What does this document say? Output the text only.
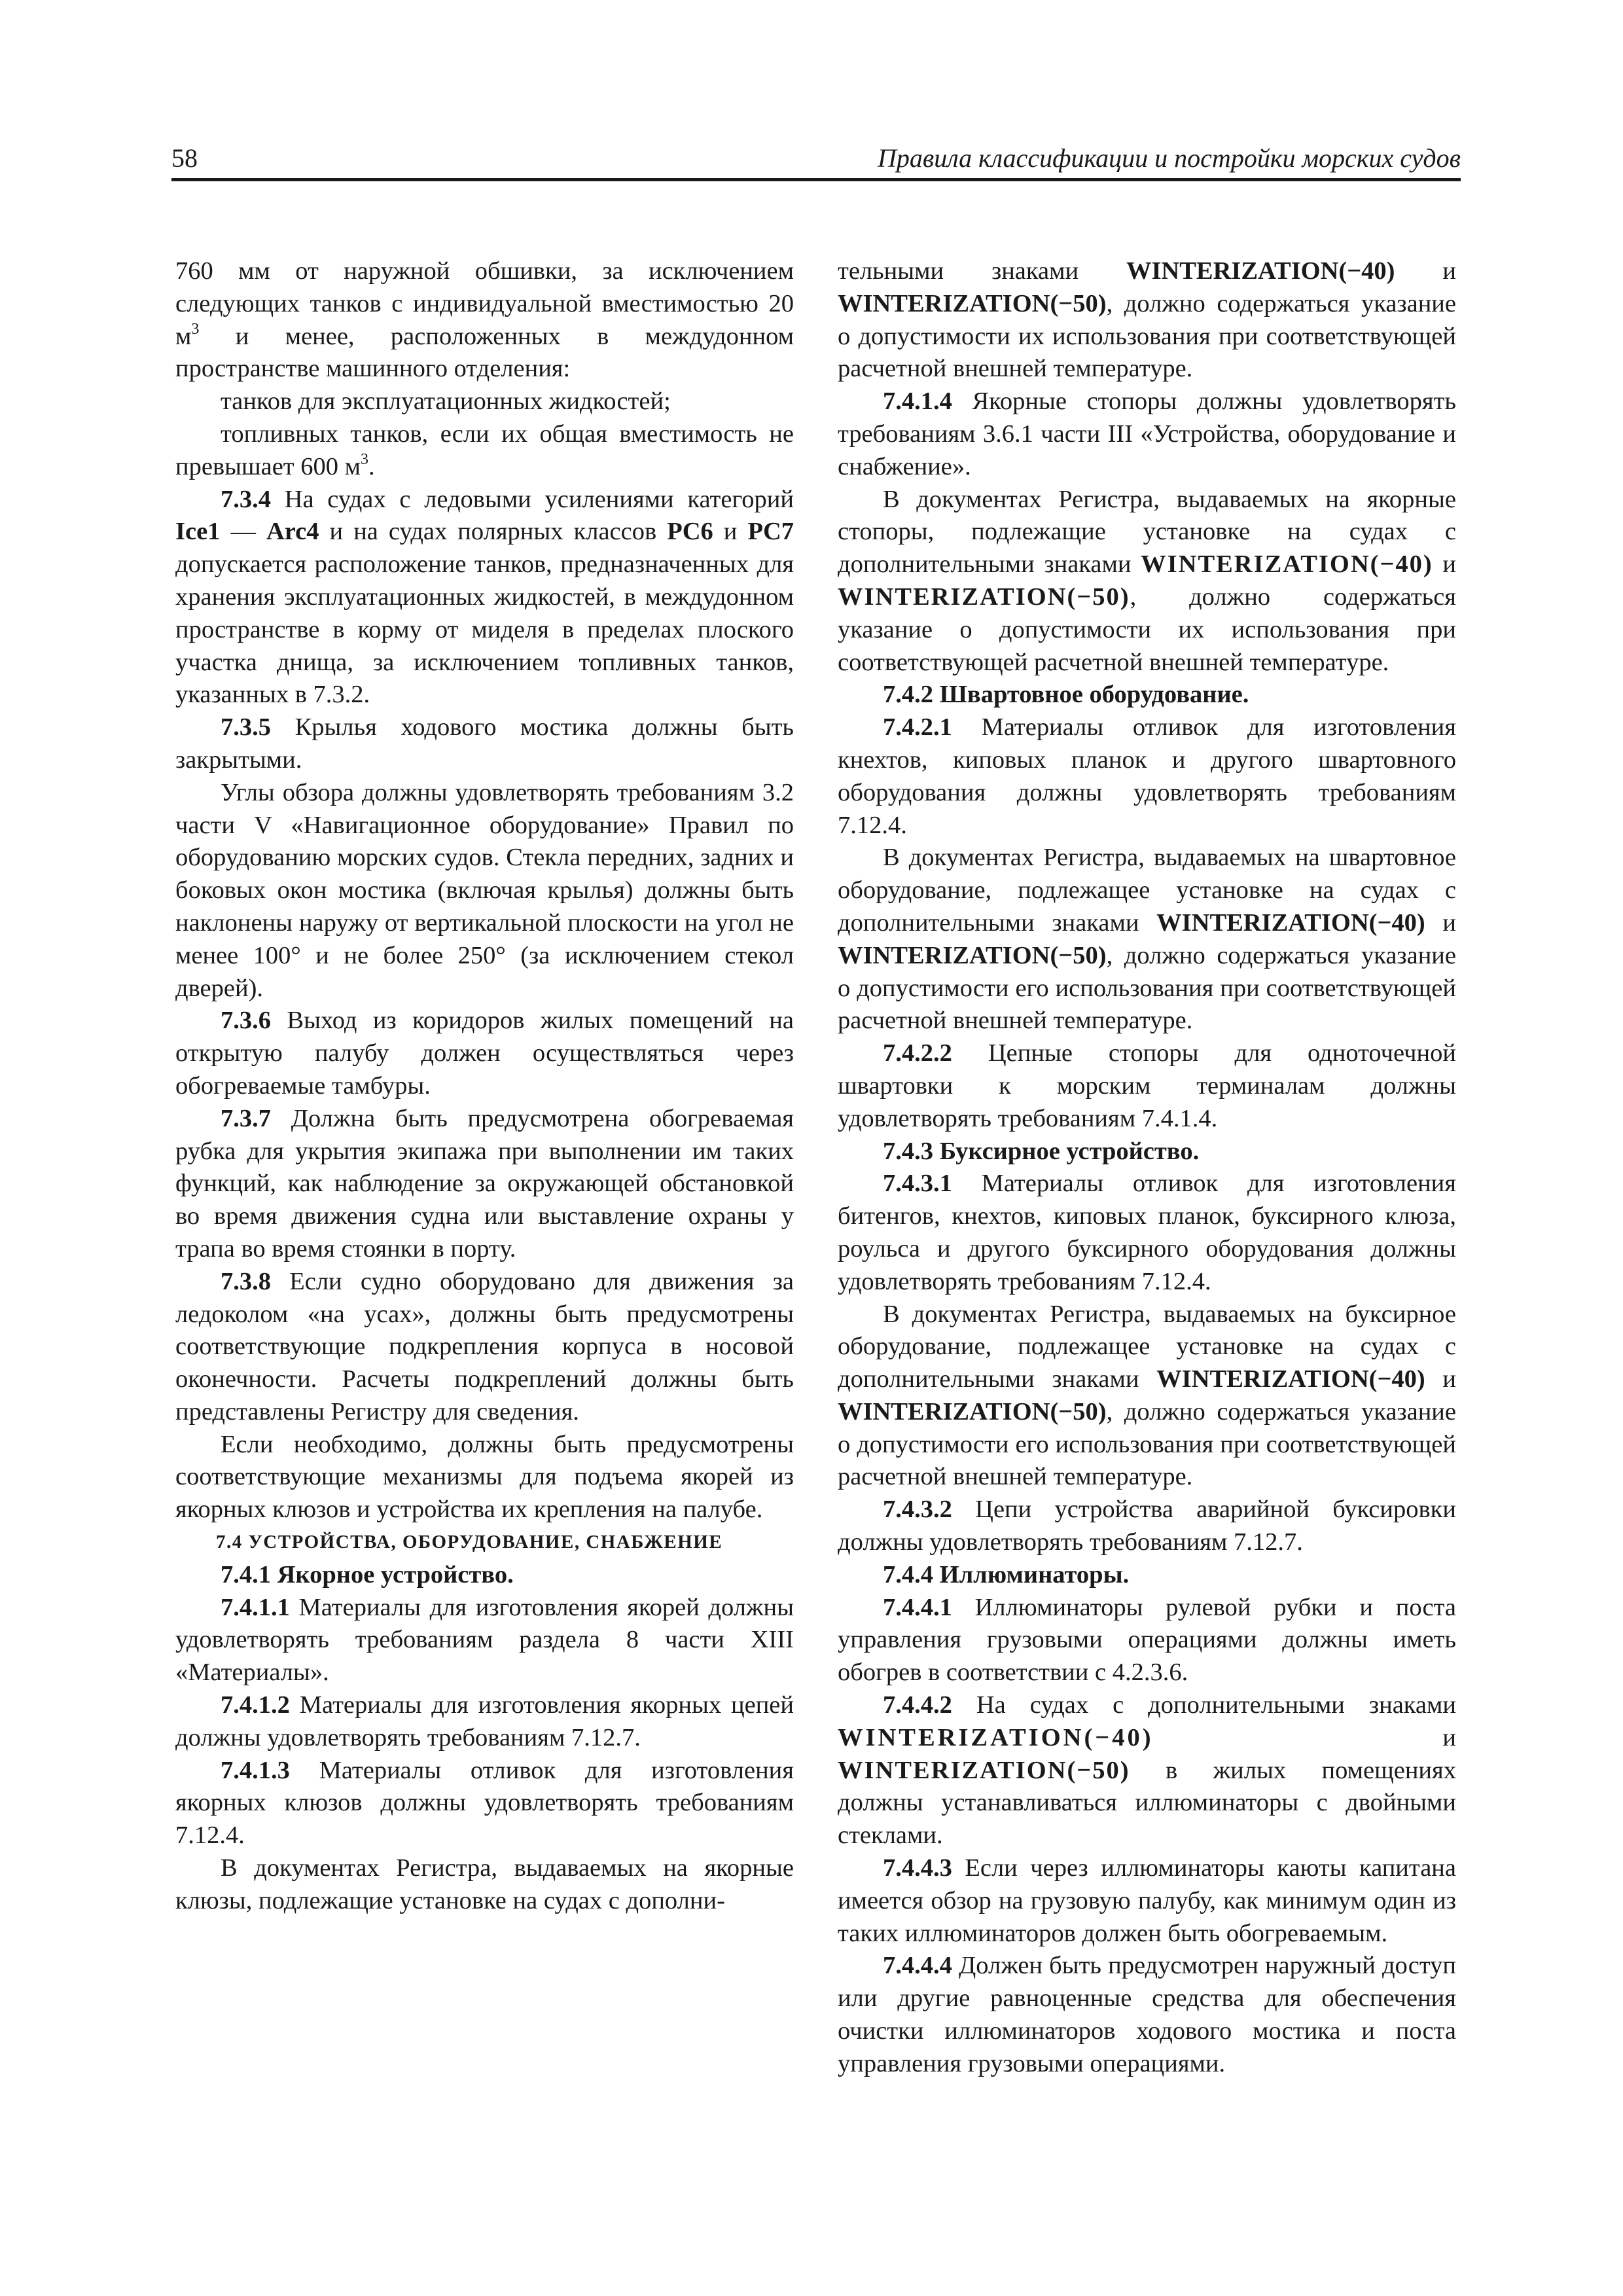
58	Правила классификации и постройки морских судов

760 мм от наружной обшивки, за исключением следующих танков с индивидуальной вместимостью 20 $м^3$ и менее, расположенных в междудонном пространстве машинного отделения:

танков для эксплуатационных жидкостей;

топливных танков, если их общая вместимость не превышает 600 $м^3$.

7.3.4 На судах с ледовыми усилениями категорий Ice1 — Arc4 и на судах полярных классов PC6 и PC7 допускается расположение танков, предназначенных для хранения эксплуатационных жидкостей, в междудонном пространстве в корму от миделя в пределах плоского участка днища, за исключением топливных танков, указанных в 7.3.2.

7.3.5 Крылья ходового мостика должны быть закрытыми.

Углы обзора должны удовлетворять требованиям 3.2 части V «Навигационное оборудование» Правил по оборудованию морских судов. Стекла передних, задних и боковых окон мостика (включая крылья) должны быть наклонены наружу от вертикальной плоскости на угол не менее 100° и не более 250° (за исключением стекол дверей).

7.3.6 Выход из коридоров жилых помещений на открытую палубу должен осуществляться через обогреваемые тамбуры.

7.3.7 Должна быть предусмотрена обогреваемая рубка для укрытия экипажа при выполнении им таких функций, как наблюдение за окружающей обстановкой во время движения судна или выставление охраны у трапа во время стоянки в порту.

7.3.8 Если судно оборудовано для движения за ледоколом «на усах», должны быть предусмотрены соответствующие подкрепления корпуса в носовой оконечности. Расчеты подкреплений должны быть представлены Регистру для сведения.

Если необходимо, должны быть предусмотрены соответствующие механизмы для подъема якорей из якорных клюзов и устройства их крепления на палубе.

7.4 УСТРОЙСТВА, ОБОРУДОВАНИЕ, СНАБЖЕНИЕ

7.4.1 Якорное устройство.

7.4.1.1 Материалы для изготовления якорей должны удовлетворять требованиям раздела 8 части XIII «Материалы».

7.4.1.2 Материалы для изготовления якорных цепей должны удовлетворять требованиям 7.12.7.

7.4.1.3 Материалы отливок для изготовления якорных клюзов должны удовлетворять требованиям 7.12.4.

В документах Регистра, выдаваемых на якорные клюзы, подлежащие установке на судах с дополни-

тельными знаками WINTERIZATION(−40) и WINTERIZATION(−50), должно содержаться указание о допустимости их использования при соответствующей расчетной внешней температуре.

7.4.1.4 Якорные стопоры должны удовлетворять требованиям 3.6.1 части III «Устройства, оборудование и снабжение».

В документах Регистра, выдаваемых на якорные стопоры, подлежащие установке на судах с дополнительными знаками WINTERIZATION(−40) и WINTERIZATION(−50), должно содержаться указание о допустимости их использования при соответствующей расчетной внешней температуре.

7.4.2 Швартовное оборудование.

7.4.2.1 Материалы отливок для изготовления кнехтов, киповых планок и другого швартовного оборудования должны удовлетворять требованиям 7.12.4.

В документах Регистра, выдаваемых на швартовное оборудование, подлежащее установке на судах с дополнительными знаками WINTERIZATION(−40) и WINTERIZATION(−50), должно содержаться указание о допустимости его использования при соответствующей расчетной внешней температуре.

7.4.2.2 Цепные стопоры для одноточечной швартовки к морским терминалам должны удовлетворять требованиям 7.4.1.4.

7.4.3 Буксирное устройство.

7.4.3.1 Материалы отливок для изготовления битенгов, кнехтов, киповых планок, буксирного клюза, роульса и другого буксирного оборудования должны удовлетворять требованиям 7.12.4.

В документах Регистра, выдаваемых на буксирное оборудование, подлежащее установке на судах с дополнительными знаками WINTERIZATION(−40) и WINTERIZATION(−50), должно содержаться указание о допустимости его использования при соответствующей расчетной внешней температуре.

7.4.3.2 Цепи устройства аварийной буксировки должны удовлетворять требованиям 7.12.7.

7.4.4 Иллюминаторы.

7.4.4.1 Иллюминаторы рулевой рубки и поста управления грузовыми операциями должны иметь обогрев в соответствии с 4.2.3.6.

7.4.4.2 На судах с дополнительными знаками WINTERIZATION(−40) и WINTERIZATION(−50) в жилых помещениях должны устанавливаться иллюминаторы с двойными стеклами.

7.4.4.3 Если через иллюминаторы каюты капитана имеется обзор на грузовую палубу, как минимум один из таких иллюминаторов должен быть обогреваемым.

7.4.4.4 Должен быть предусмотрен наружный доступ или другие равноценные средства для обеспечения очистки иллюминаторов ходового мостика и поста управления грузовыми операциями.
